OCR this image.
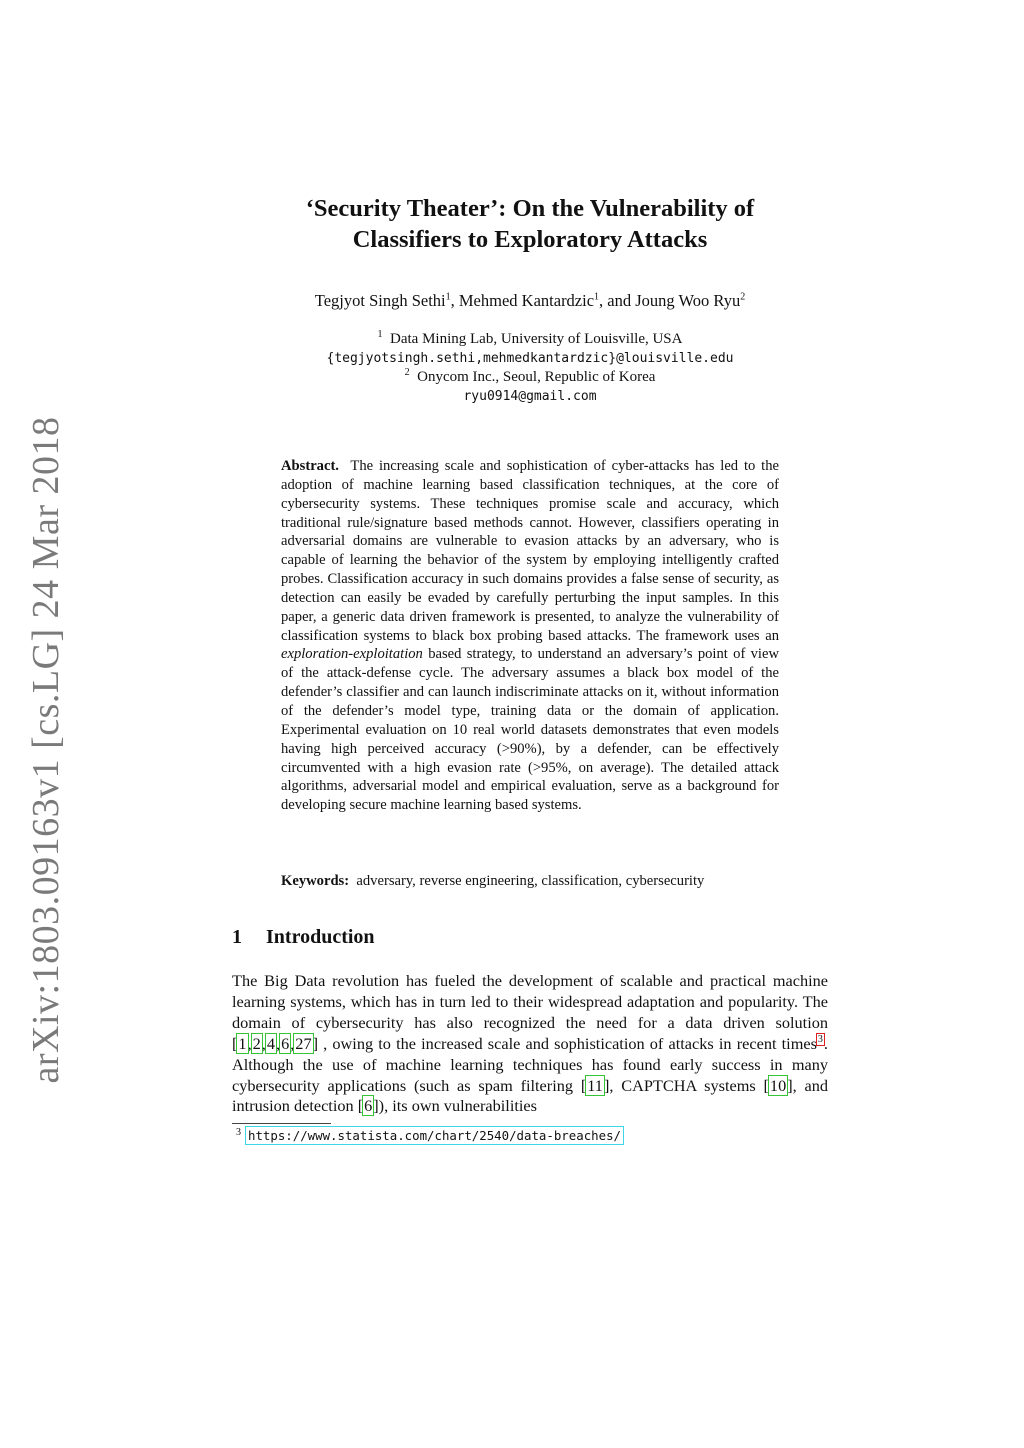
arXiv:1803.09163v1 [cs.LG] 24 Mar 2018
‘Security Theater’: On the Vulnerability of
Classifiers to Exploratory Attacks
Tegjyot Singh Sethi$^1$, Mehmed Kantardzic$^1$, and Joung Woo Ryu$^2$
$^1$ Data Mining Lab, University of Louisville, USA
{tegjyotsingh.sethi,mehmedkantardzic}@louisville.edu
$^2$ Onycom Inc., Seoul, Republic of Korea
ryu0914@gmail.com
Abstract. The increasing scale and sophistication of cyber-attacks has led to the adoption of machine learning based classification techniques, at the core of cybersecurity systems. These techniques promise scale and accuracy, which traditional rule/signature based methods cannot. However, classifiers operating in adversarial domains are vulnerable to evasion attacks by an adversary, who is capable of learning the behavior of the system by employing intelligently crafted probes. Classification accuracy in such domains provides a false sense of security, as detection can easily be evaded by carefully perturbing the input samples. In this paper, a generic data driven framework is presented, to analyze the vulnerability of classification systems to black box probing based attacks. The framework uses an exploration-exploitation based strategy, to understand an adversary’s point of view of the attack-defense cycle. The adversary assumes a black box model of the defender’s classifier and can launch indiscriminate attacks on it, without information of the defender’s model type, training data or the domain of application. Experimental evaluation on 10 real world datasets demonstrates that even models having high perceived accuracy (>90%), by a defender, can be effectively circumvented with a high evasion rate (>95%, on average). The detailed attack algorithms, adversarial model and empirical evaluation, serve as a background for developing secure machine learning based systems.
Keywords: adversary, reverse engineering, classification, cybersecurity
1 Introduction
The Big Data revolution has fueled the development of scalable and practical machine learning systems, which has in turn led to their widespread adaptation and popularity. The domain of cybersecurity has also recognized the need for a data driven solution [1,2,4,6,27] , owing to the increased scale and sophistication of attacks in recent times$^3$. Although the use of machine learning techniques has found early success in many cybersecurity applications (such as spam filtering [11], CAPTCHA systems [10], and intrusion detection [6]), its own vulnerabilities
$^3$ https://www.statista.com/chart/2540/data-breaches/
